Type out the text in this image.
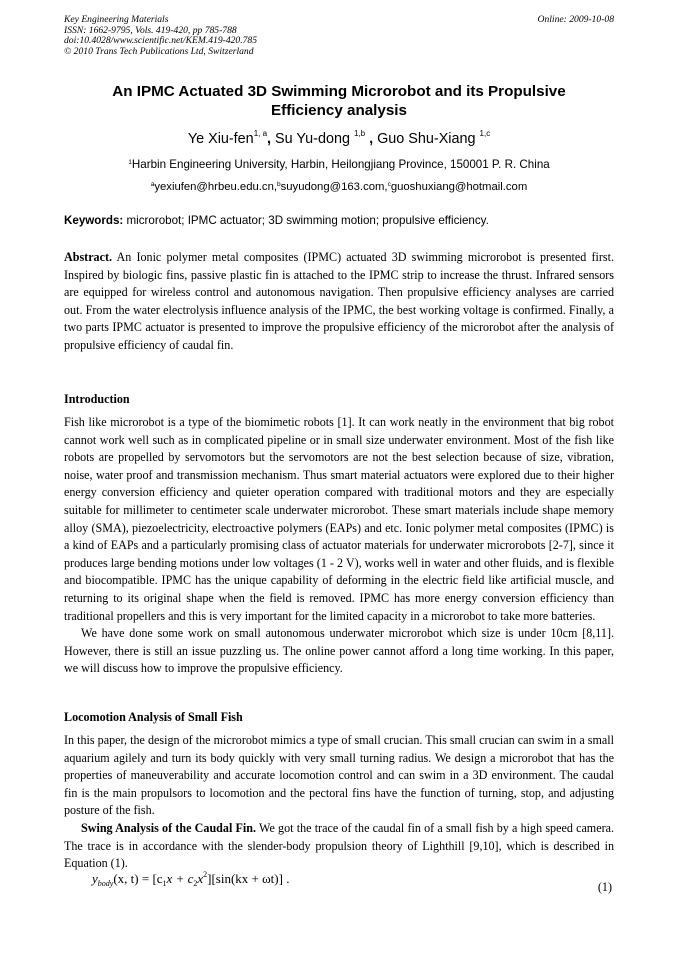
Key Engineering Materials
ISSN: 1662-9795, Vols. 419-420, pp 785-788
doi:10.4028/www.scientific.net/KEM.419-420.785
© 2010 Trans Tech Publications Ltd, Switzerland
Online: 2009-10-08
An IPMC Actuated 3D Swimming Microrobot and its Propulsive
Efficiency analysis
Ye Xiu-fen$^{1, a}$, Su Yu-dong $^{1,b}$ , Guo Shu-Xiang $^{1,c}$
$^1$Harbin Engineering University, Harbin, Heilongjiang Province, 150001 P. R. China
$^a$yexiufen@hrbeu.edu.cn,$^b$suyudong@163.com,$^c$guoshuxiang@hotmail.com
Keywords: microrobot; IPMC actuator; 3D swimming motion; propulsive efficiency.
Abstract. An Ionic polymer metal composites (IPMC) actuated 3D swimming microrobot is presented first. Inspired by biologic fins, passive plastic fin is attached to the IPMC strip to increase the thrust. Infrared sensors are equipped for wireless control and autonomous navigation. Then propulsive efficiency analyses are carried out. From the water electrolysis influence analysis of the IPMC, the best working voltage is confirmed. Finally, a two parts IPMC actuator is presented to improve the propulsive efficiency of the microrobot after the analysis of propulsive efficiency of caudal fin.
Introduction

Fish like microrobot is a type of the biomimetic robots [1]. It can work neatly in the environment that big robot cannot work well such as in complicated pipeline or in small size underwater environment. Most of the fish like robots are propelled by servomotors but the servomotors are not the best selection because of size, vibration, noise, water proof and transmission mechanism. Thus smart material actuators were explored due to their higher energy conversion efficiency and quieter operation compared with traditional motors and they are especially suitable for millimeter to centimeter scale underwater microrobot. These smart materials include shape memory alloy (SMA), piezoelectricity, electroactive polymers (EAPs) and etc. Ionic polymer metal composites (IPMC) is a kind of EAPs and a particularly promising class of actuator materials for underwater microrobots [2-7], since it produces large bending motions under low voltages (1 - 2 V), works well in water and other fluids, and is flexible and biocompatible. IPMC has the unique capability of deforming in the electric field like artificial muscle, and returning to its original shape when the field is removed. IPMC has more energy conversion efficiency than traditional propellers and this is very important for the limited capacity in a microrobot to take more batteries.

We have done some work on small autonomous underwater microrobot which size is under 10cm [8,11]. However, there is still an issue puzzling us. The online power cannot afford a long time working. In this paper, we will discuss how to improve the propulsive efficiency.

Locomotion Analysis of Small Fish

In this paper, the design of the microrobot mimics a type of small crucian. This small crucian can swim in a small aquarium agilely and turn its body quickly with very small turning radius. We design a microrobot that has the properties of maneuverability and accurate locomotion control and can swim in a 3D environment. The caudal fin is the main propulsors to locomotion and the pectoral fins have the function of turning, stop, and adjusting posture of the fish.

Swing Analysis of the Caudal Fin. We got the trace of the caudal fin of a small fish by a high speed camera. The trace is in accordance with the slender-body propulsion theory of Lighthill [9,10], which is described in Equation (1).

$y_{body}(x$, $t) = [c_1x + c_2x^2][\sin(kx + \omega t)]$ .
(1)
